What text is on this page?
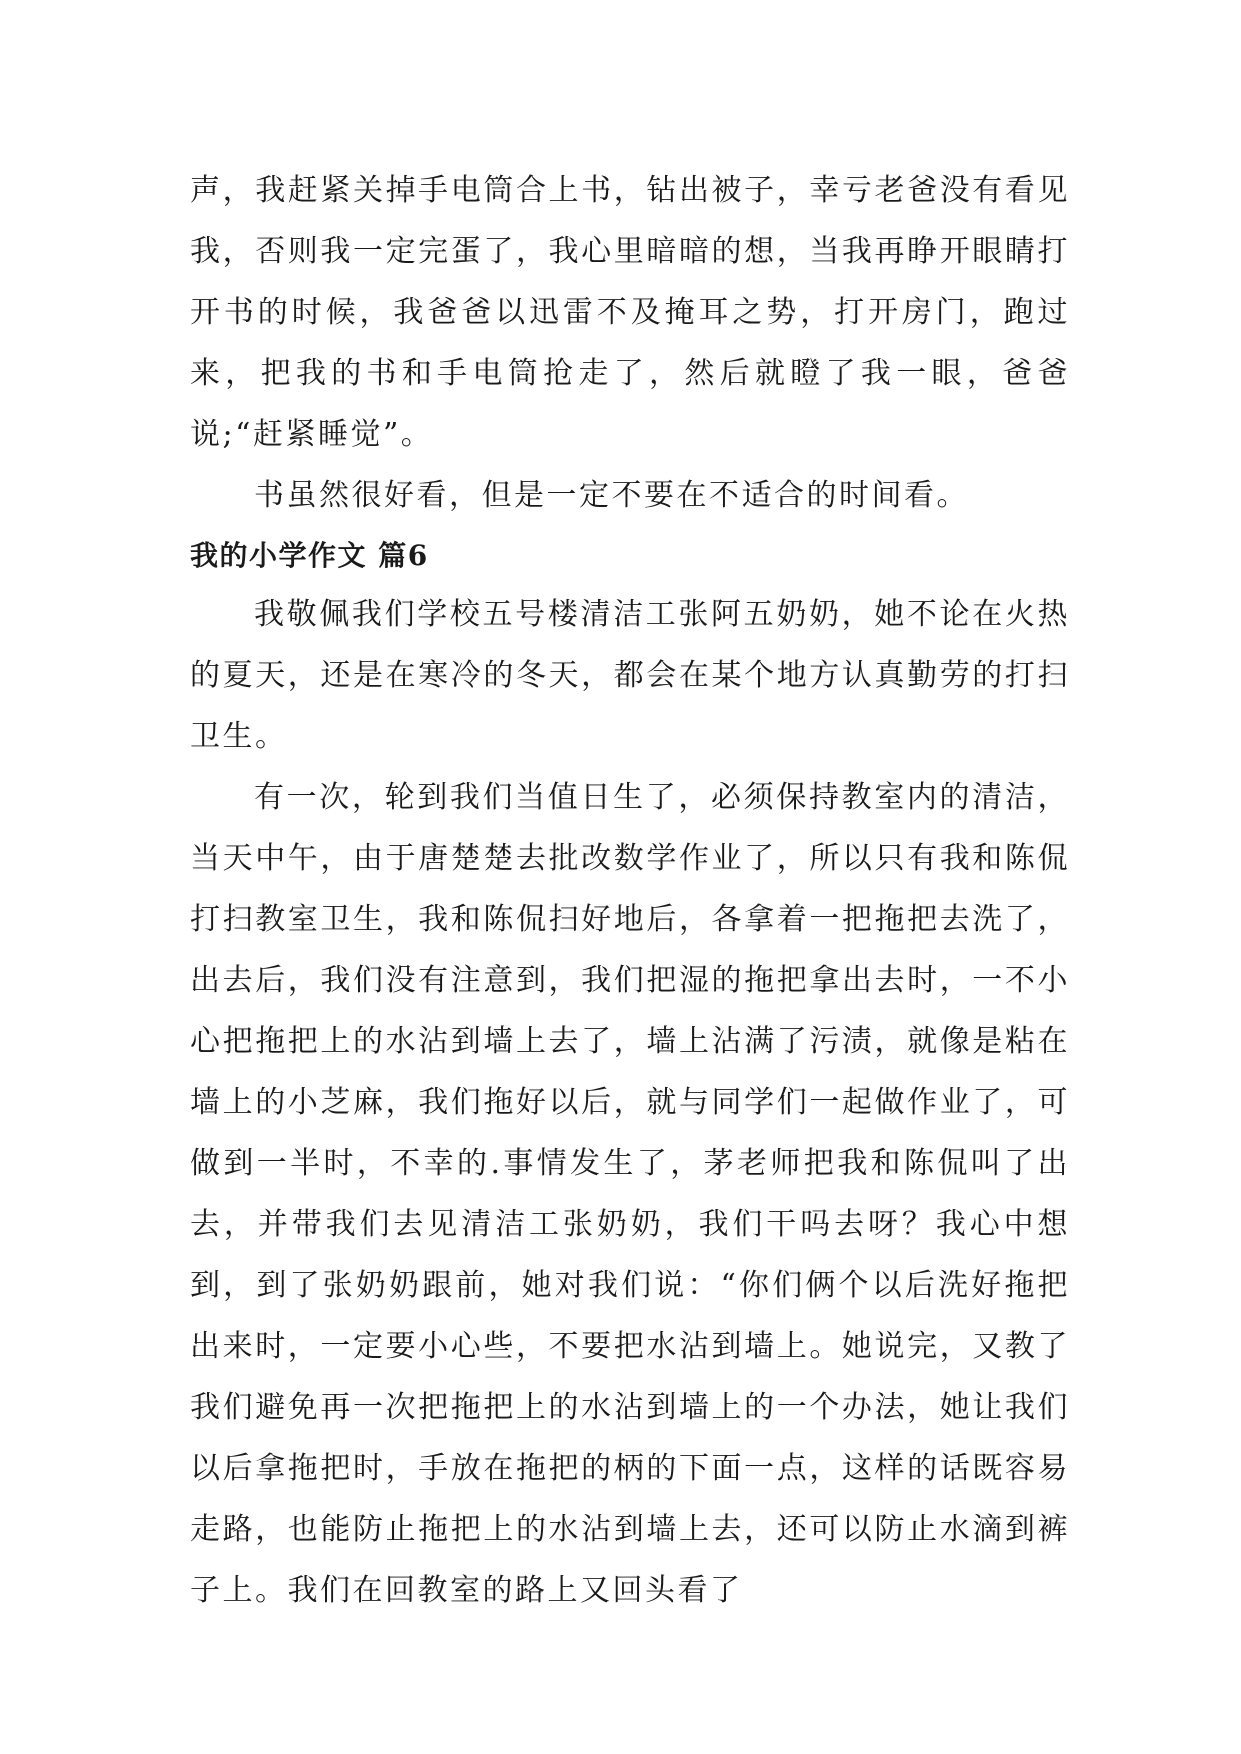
声，我赶紧关掉手电筒合上书，钻出被子，幸亏老爸没有看见我，否则我一定完蛋了，我心里暗暗的想，当我再睁开眼睛打开书的时候，我爸爸以迅雷不及掩耳之势，打开房门，跑过来，把我的书和手电筒抢走了，然后就瞪了我一眼，爸爸说;“赶紧睡觉”。

书虽然很好看，但是一定不要在不适合的时间看。

我的小学作文 篇6

我敬佩我们学校五号楼清洁工张阿五奶奶，她不论在火热的夏天，还是在寒冷的冬天，都会在某个地方认真勤劳的打扫卫生。

有一次，轮到我们当值日生了，必须保持教室内的清洁，当天中午，由于唐楚楚去批改数学作业了，所以只有我和陈侃打扫教室卫生，我和陈侃扫好地后，各拿着一把拖把去洗了，出去后，我们没有注意到，我们把湿的拖把拿出去时，一不小心把拖把上的水沾到墙上去了，墙上沾满了污渍，就像是粘在墙上的小芝麻，我们拖好以后，就与同学们一起做作业了，可做到一半时，不幸的.事情发生了，茅老师把我和陈侃叫了出去，并带我们去见清洁工张奶奶，我们干吗去呀？我心中想到，到了张奶奶跟前，她对我们说：“你们俩个以后洗好拖把出来时，一定要小心些，不要把水沾到墙上。她说完，又教了我们避免再一次把拖把上的水沾到墙上的一个办法，她让我们以后拿拖把时，手放在拖把的柄的下面一点，这样的话既容易走路，也能防止拖把上的水沾到墙上去，还可以防止水滴到裤子上。我们在回教室的路上又回头看了
